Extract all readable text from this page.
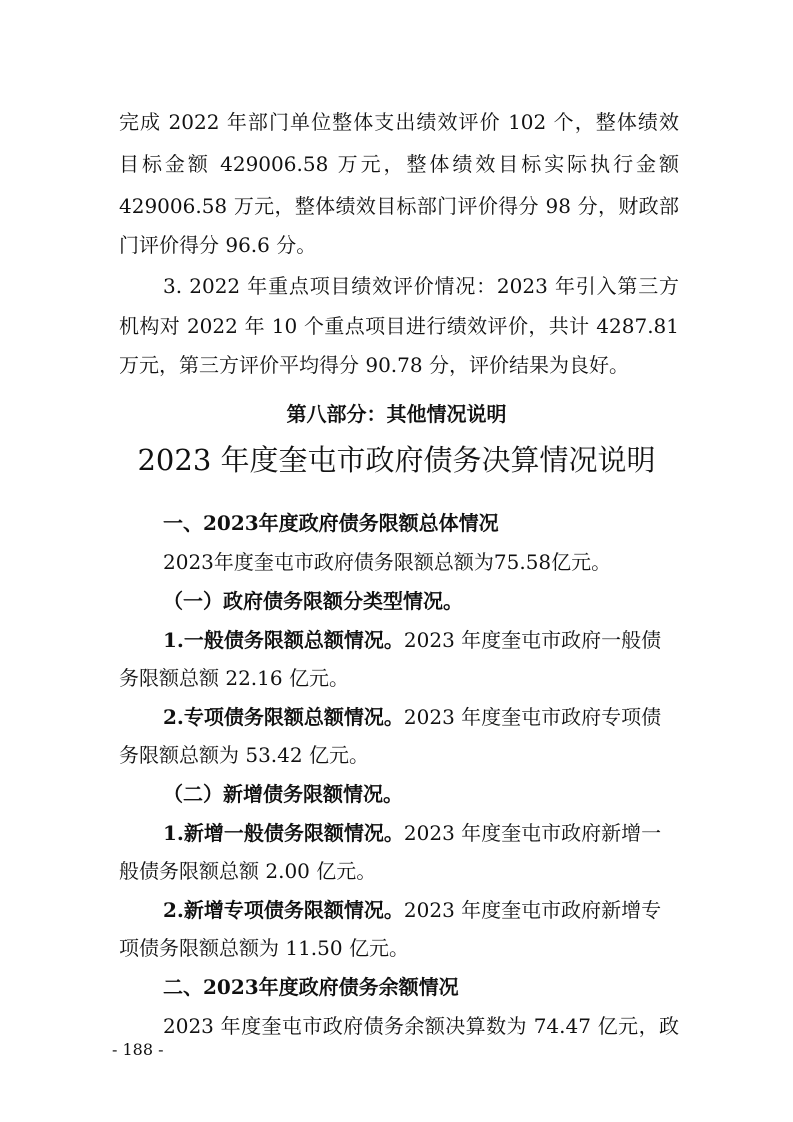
完成 2022 年部门单位整体支出绩效评价 102 个，整体绩效
目标金额 429006.58 万元，整体绩效目标实际执行金额
429006.58 万元，整体绩效目标部门评价得分 98 分，财政部
门评价得分 96.6 分。
3. 2022 年重点项目绩效评价情况：2023 年引入第三方
机构对 2022 年 10 个重点项目进行绩效评价，共计 4287.81
万元，第三方评价平均得分 90.78 分，评价结果为良好。
第八部分：其他情况说明
2023 年度奎屯市政府债务决算情况说明
一、2023年度政府债务限额总体情况
2023年度奎屯市政府债务限额总额为75.58亿元。
（一）政府债务限额分类型情况。
1.一般债务限额总额情况。2023 年度奎屯市政府一般债
务限额总额 22.16 亿元。
2.专项债务限额总额情况。2023 年度奎屯市政府专项债
务限额总额为 53.42 亿元。
（二）新增债务限额情况。
1.新增一般债务限额情况。2023 年度奎屯市政府新增一
般债务限额总额 2.00 亿元。
2.新增专项债务限额情况。2023 年度奎屯市政府新增专
项债务限额总额为 11.50 亿元。
二、2023年度政府债务余额情况
2023 年度奎屯市政府债务余额决算数为 74.47 亿元，政
- 188 -
